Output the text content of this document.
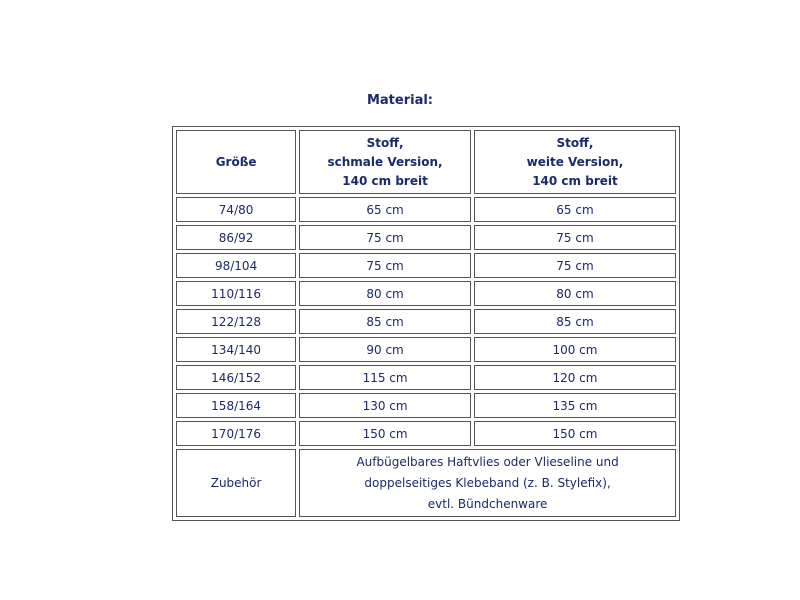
Material:
Größe	Stoff,
schmale Version,
140 cm breit	Stoff,
weite Version,
140 cm breit

74/80	65 cm	65 cm
86/92	75 cm	75 cm
98/104	75 cm	75 cm
110/116	80 cm	80 cm
122/128	85 cm	85 cm
134/140	90 cm	100 cm
146/152	115 cm	120 cm
158/164	130 cm	135 cm
170/176	150 cm	150 cm
Zubehör	Aufbügelbares Haftvlies oder Vlieseline und
doppelseitiges Klebeband (z. B. Stylefix),
evtl. Bündchenware	
